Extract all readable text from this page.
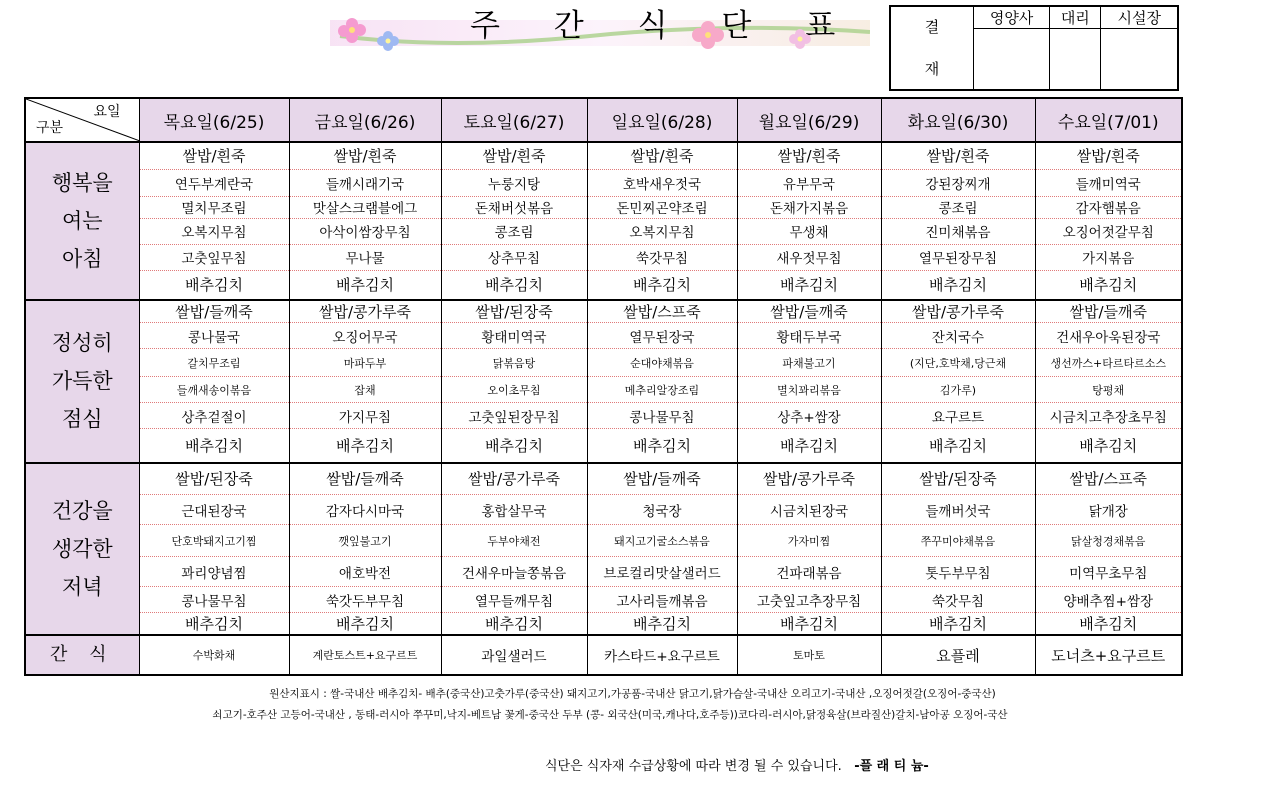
주 간 식 단 표	결
재	영양사	대리	시설장

요일
구분	목요일(6/25)	금요일(6/26)	토요일(6/27)	일요일(6/28)	월요일(6/29)	화요일(6/30)	수요일(7/01)

행복을
여는
아침	쌀밥/흰죽	쌀밥/흰죽	쌀밥/흰죽	쌀밥/흰죽	쌀밥/흰죽	쌀밥/흰죽	쌀밥/흰죽
	연두부계란국	들깨시래기국	누룽지탕	호박새우젓국	유부무국	강된장찌개	들깨미역국
	멸치무조림	맛살스크램블에그	돈채버섯볶음	돈민찌곤약조림	돈채가지볶음	콩조림	감자햄볶음
	오복지무침	아삭이쌈장무침	콩조림	오복지무침	무생채	진미채볶음	오징어젓갈무침
	고춧잎무침	무나물	상추무침	쑥갓무침	새우젓무침	열무된장무침	가지볶음
	배추김치	배추김치	배추김치	배추김치	배추김치	배추김치	배추김치

정성히
가득한
점심	쌀밥/들깨죽	쌀밥/콩가루죽	쌀밥/된장죽	쌀밥/스프죽	쌀밥/들깨죽	쌀밥/콩가루죽	쌀밥/들깨죽
	콩나물국	오징어무국	황태미역국	열무된장국	황태두부국	잔치국수	건새우아욱된장국
	갈치무조림	마파두부	닭볶음탕	순대야채볶음	파채불고기	(지단,호박채,당근채	생선까스+타르타르소스
	들깨새송이볶음	잡채	오이초무침	메추리알장조림	멸치꽈리볶음	김가루)	탕평채
	상추겉절이	가지무침	고춧잎된장무침	콩나물무침	상추+쌈장	요구르트	시금치고추장초무침
	배추김치	배추김치	배추김치	배추김치	배추김치	배추김치	배추김치

건강을
생각한
저녁	쌀밥/된장죽	쌀밥/들깨죽	쌀밥/콩가루죽	쌀밥/들깨죽	쌀밥/콩가루죽	쌀밥/된장죽	쌀밥/스프죽
	근대된장국	감자다시마국	홍합살무국	청국장	시금치된장국	들깨버섯국	닭개장
	단호박돼지고기찜	깻잎불고기	두부야채전	돼지고기굴소스볶음	가자미찜	쭈꾸미야채볶음	닭살청경채볶음
	꽈리양념찜	애호박전	건새우마늘쫑볶음	브로컬리맛살샐러드	건파래볶음	톳두부무침	미역무초무침
	콩나물무침	쑥갓두부무침	열무들깨무침	고사리들깨볶음	고춧잎고추장무침	쑥갓무침	양배추찜+쌈장
	배추김치	배추김치	배추김치	배추김치	배추김치	배추김치	배추김치
간 식	수박화채	계란토스트+요구르트	과일샐러드	카스타드+요구르트	토마토	요플레	도너츠+요구르트
원산지표시 : 쌀-국내산 배추김치- 배추(중국산)고춧가루(중국산) 돼지고기,가공품-국내산 닭고기,닭가슴살-국내산 오리고기-국내산 ,오징어젓갈(오징어-중국산)
쇠고기-호주산 고등어-국내산 , 동태-러시아 쭈꾸미,낙지-베트남 꽃게-중국산 두부 (콩- 외국산(미국,캐나다,호주등))코다리-러시아,닭정육살(브라질산)갈치-남아공 오징어-국산
식단은 식자재 수급상황에 따라 변경 될 수 있습니다. -플 래 티 늄-
